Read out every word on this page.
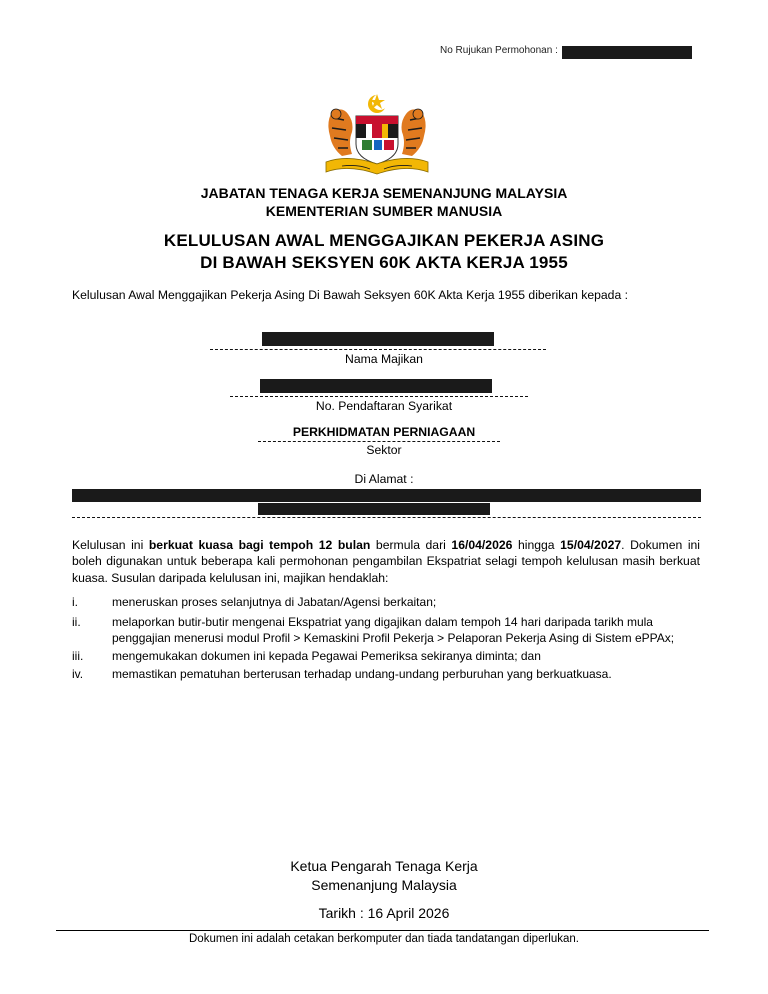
No Rujukan Permohonan :
JABATAN TENAGA KERJA SEMENANJUNG MALAYSIA
KEMENTERIAN SUMBER MANUSIA
KELULUSAN AWAL MENGGAJIKAN PEKERJA ASING
DI BAWAH SEKSYEN 60K AKTA KERJA 1955
Kelulusan Awal Menggajikan Pekerja Asing Di Bawah Seksyen 60K Akta Kerja 1955 diberikan kepada :
Nama Majikan
No. Pendaftaran Syarikat
PERKHIDMATAN PERNIAGAAN
Sektor
Di Alamat :
Kelulusan ini berkuat kuasa bagi tempoh 12 bulan bermula dari 16/04/2026 hingga 15/04/2027. Dokumen ini boleh digunakan untuk beberapa kali permohonan pengambilan Ekspatriat selagi tempoh kelulusan masih berkuat kuasa. Susulan daripada kelulusan ini, majikan hendaklah:
i.	meneruskan proses selanjutnya di Jabatan/Agensi berkaitan;
ii.	melaporkan butir-butir mengenai Ekspatriat yang digajikan dalam tempoh 14 hari daripada tarikh mula penggajian menerusi modul Profil > Kemaskini Profil Pekerja > Pelaporan Pekerja Asing di Sistem ePPAx;
iii. mengemukakan dokumen ini kepada Pegawai Pemeriksa sekiranya diminta; dan
iv. memastikan pematuhan berterusan terhadap undang-undang perburuhan yang berkuatkuasa.
Ketua Pengarah Tenaga Kerja
Semenanjung Malaysia
Tarikh : 16 April 2026
Dokumen ini adalah cetakan berkomputer dan tiada tandatangan diperlukan.
